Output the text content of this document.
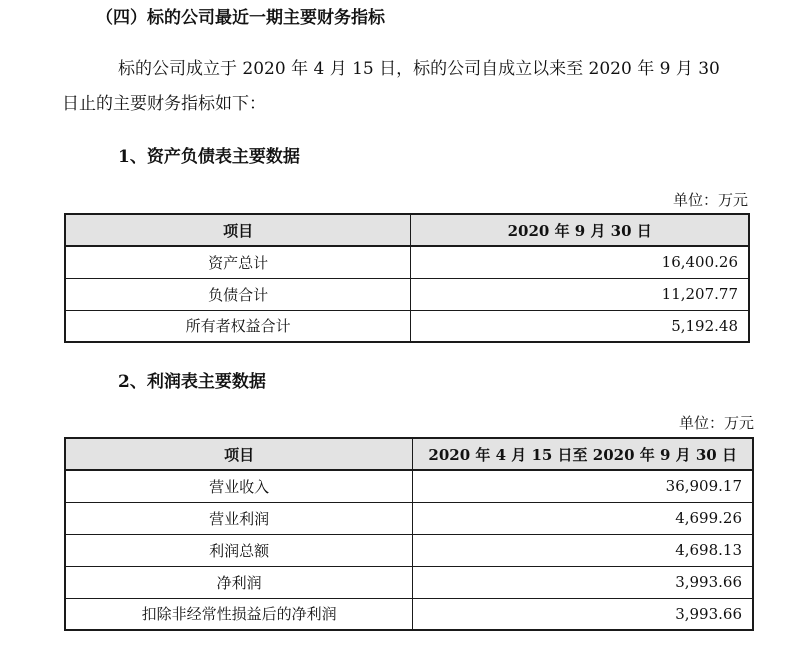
（四）标的公司最近一期主要财务指标
标的公司成立于 2020 年 4 月 15 日，标的公司自成立以来至 2020 年 9 月 30
日止的主要财务指标如下：
1、资产负债表主要数据
单位：万元
项目	2020 年 9 月 30 日
资产总计	16,400.26
负债合计	11,207.77
所有者权益合计	5,192.48
2、利润表主要数据
单位：万元
项目	2020 年 4 月 15 日至 2020 年 9 月 30 日
营业收入	36,909.17
营业利润	4,699.26
利润总额	4,698.13
净利润	3,993.66
扣除非经常性损益后的净利润	3,993.66
